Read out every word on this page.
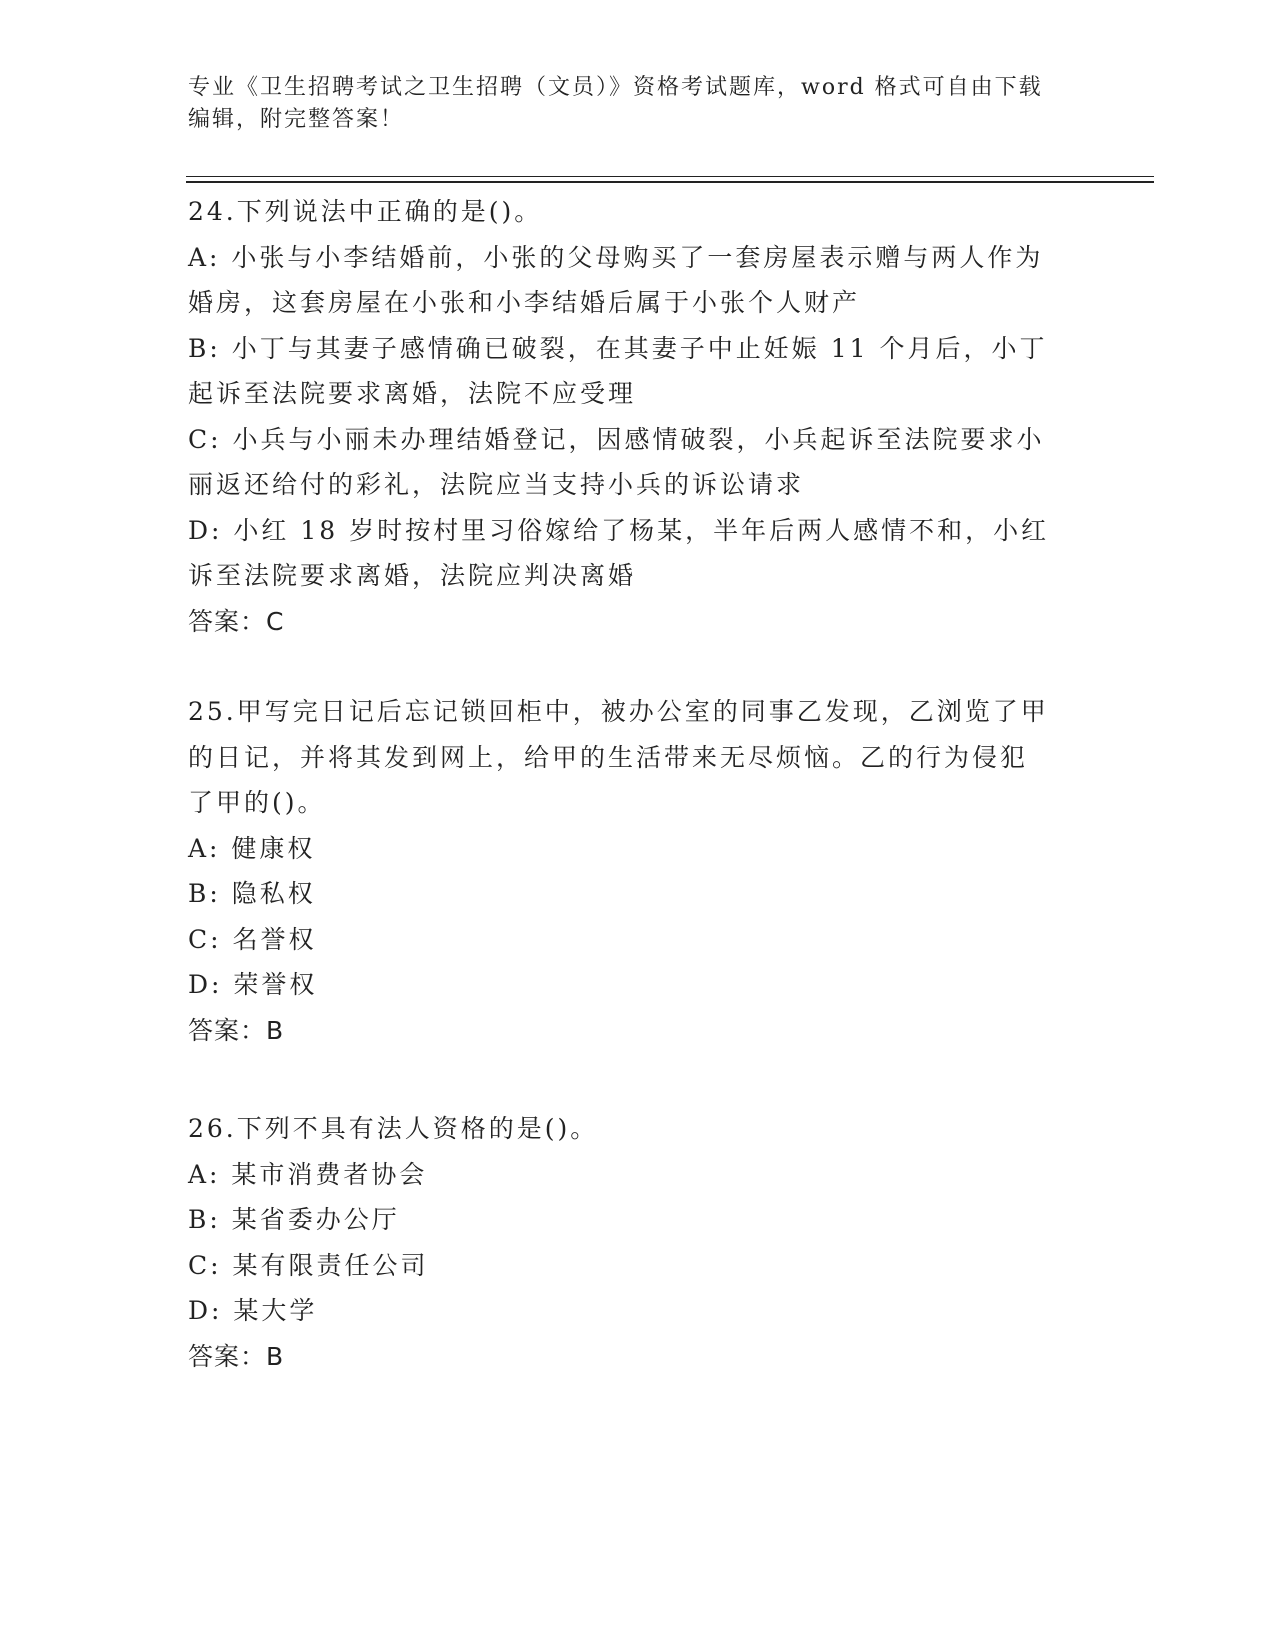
专业《卫生招聘考试之卫生招聘（文员）》资格考试题库，word 格式可自由下载
编辑，附完整答案！
24.下列说法中正确的是()。
A: 小张与小李结婚前，小张的父母购买了一套房屋表示赠与两人作为
婚房，这套房屋在小张和小李结婚后属于小张个人财产
B: 小丁与其妻子感情确已破裂，在其妻子中止妊娠 11 个月后，小丁
起诉至法院要求离婚，法院不应受理
C: 小兵与小丽未办理结婚登记，因感情破裂，小兵起诉至法院要求小
丽返还给付的彩礼，法院应当支持小兵的诉讼请求
D: 小红 18 岁时按村里习俗嫁给了杨某，半年后两人感情不和，小红
诉至法院要求离婚，法院应判决离婚
答案：C
25.甲写完日记后忘记锁回柜中，被办公室的同事乙发现，乙浏览了甲
的日记，并将其发到网上，给甲的生活带来无尽烦恼。乙的行为侵犯
了甲的()。
A: 健康权
B: 隐私权
C: 名誉权
D: 荣誉权
答案：B
26.下列不具有法人资格的是()。
A: 某市消费者协会
B: 某省委办公厅
C: 某有限责任公司
D: 某大学
答案：B
